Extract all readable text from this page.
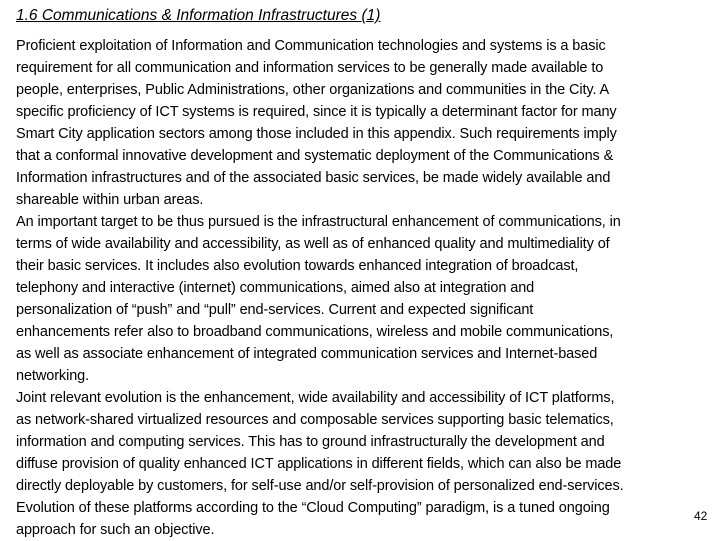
1.6 Communications & Information Infrastructures (1)
Proficient exploitation of Information and Communication technologies and systems is a basic
requirement for all communication and information services to be generally made available to
people, enterprises, Public Administrations, other organizations and communities in the City. A
specific proficiency of ICT systems is required, since it is typically a determinant factor for many
Smart City application sectors among those included in this appendix. Such requirements imply
that a conformal innovative development and systematic deployment of the Communications &
Information infrastructures and of the associated basic services, be made widely available and
shareable within urban areas.
An important target to be thus pursued is the infrastructural enhancement of communications, in
terms of wide availability and accessibility, as well as of enhanced quality and multimediality of
their basic services. It includes also evolution towards enhanced integration of broadcast,
telephony and interactive (internet) communications, aimed also at integration and
personalization of “push” and “pull” end-services. Current and expected significant
enhancements refer also to broadband communications, wireless and mobile communications,
as well as associate enhancement of integrated communication services and Internet-based
networking.
Joint relevant evolution is the enhancement, wide availability and accessibility of ICT platforms,
as network-shared virtualized resources and composable services supporting basic telematics,
information and computing services. This has to ground infrastructurally the development and
diffuse provision of quality enhanced ICT applications in different fields, which can also be made
directly deployable by customers, for self-use and/or self-provision of personalized end-services.
Evolution of these platforms according to the “Cloud Computing” paradigm, is a tuned ongoing
approach for such an objective.
42
